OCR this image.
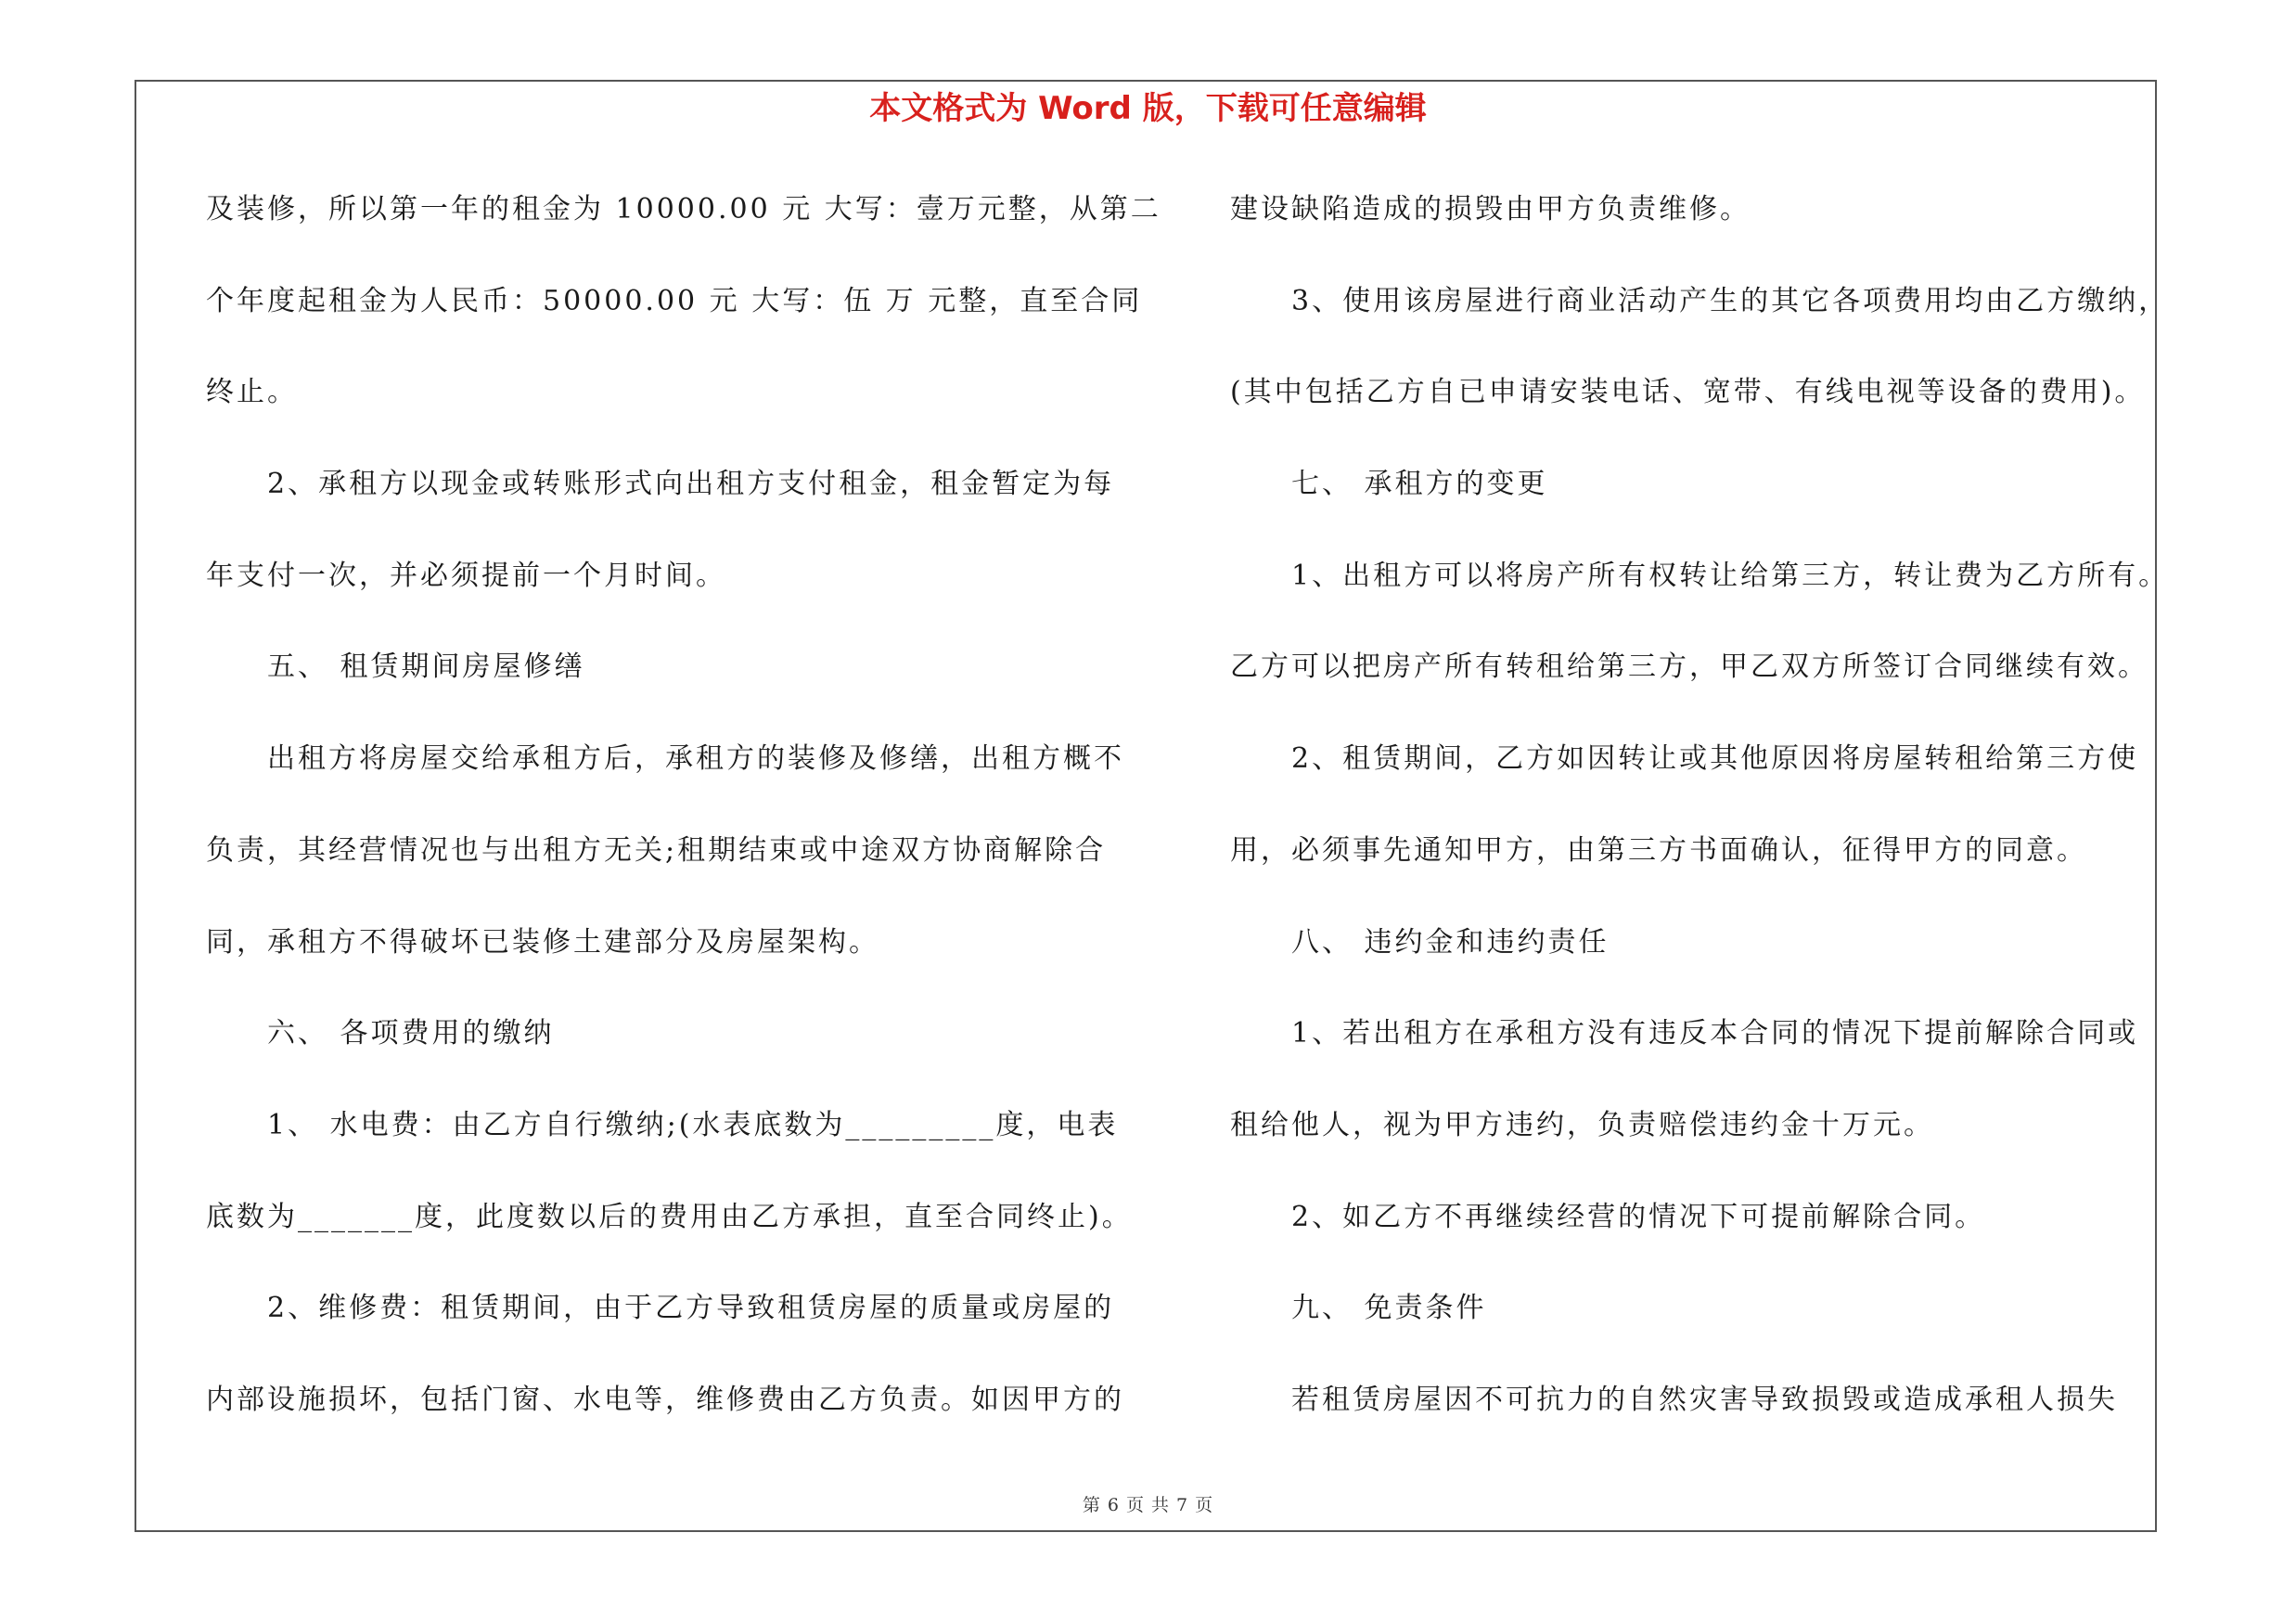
本文格式为 Word 版，下载可任意编辑
及装修，所以第一年的租金为 10000.00 元 大写：壹万元整，从第二
个年度起租金为人民币：50000.00 元 大写：伍 万 元整，直至合同
终止。
2、承租方以现金或转账形式向出租方支付租金，租金暂定为每
年支付一次，并必须提前一个月时间。
五、 租赁期间房屋修缮
出租方将房屋交给承租方后，承租方的装修及修缮，出租方概不
负责，其经营情况也与出租方无关;租期结束或中途双方协商解除合
同，承租方不得破坏已装修土建部分及房屋架构。
六、 各项费用的缴纳
1、 水电费：由乙方自行缴纳;(水表底数为_________度，电表
底数为_______度，此度数以后的费用由乙方承担，直至合同终止)。
2、维修费：租赁期间，由于乙方导致租赁房屋的质量或房屋的
内部设施损坏，包括门窗、水电等，维修费由乙方负责。如因甲方的
建设缺陷造成的损毁由甲方负责维修。
3、使用该房屋进行商业活动产生的其它各项费用均由乙方缴纳，
(其中包括乙方自已申请安装电话、宽带、有线电视等设备的费用)。
七、 承租方的变更
1、出租方可以将房产所有权转让给第三方，转让费为乙方所有。
乙方可以把房产所有转租给第三方，甲乙双方所签订合同继续有效。
2、租赁期间，乙方如因转让或其他原因将房屋转租给第三方使
用，必须事先通知甲方，由第三方书面确认，征得甲方的同意。
八、 违约金和违约责任
1、若出租方在承租方没有违反本合同的情况下提前解除合同或
租给他人，视为甲方违约，负责赔偿违约金十万元。
2、如乙方不再继续经营的情况下可提前解除合同。
九、 免责条件
若租赁房屋因不可抗力的自然灾害导致损毁或造成承租人损失
第 6 页 共 7 页
